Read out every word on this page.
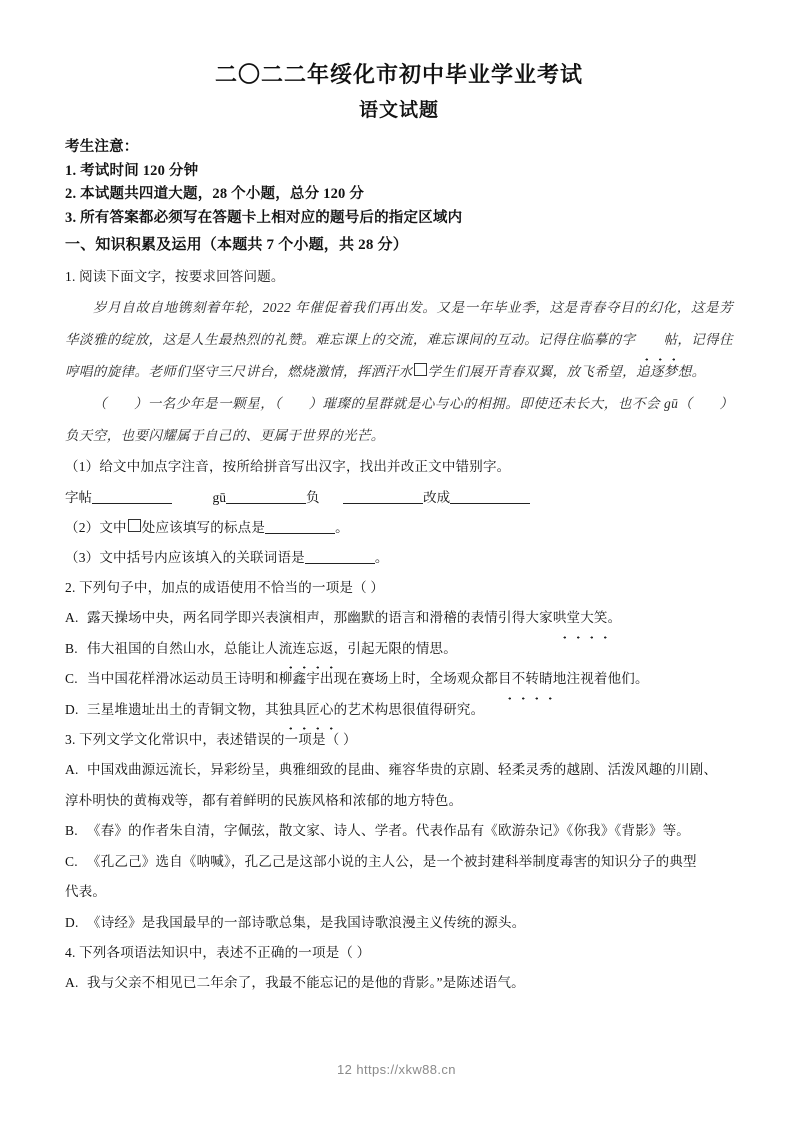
二〇二二年绥化市初中毕业学业考试
语文试题
考生注意：
1. 考试时间 120 分钟
2. 本试题共四道大题，28 个小题，总分 120 分
3. 所有答案都必须写在答题卡上相对应的题号后的指定区域内
一、知识积累及运用（本题共 7 个小题，共 28 分）
1. 阅读下面文字，按要求回答问题。
岁月自故自地镌刻着年轮，2022 年催促着我们再出发。又是一年毕业季，这是青春夺目的幻化，这是芳华淡雅的绽放，这是人生最热烈的礼赞。难忘课上的交流，难忘课间的互动。记得住临摹的字 帖，记得住哼唱的旋律。老师们坚守三尺讲台，燃烧激情，挥洒汗水 学生们展开青春双翼，放飞希望，追逐梦想。
（　　）一名少年是一颗星，（　　）璀璨的星群就是心与心的相拥。即使还未长大，也不会 gū（　　）负天空，也要闪耀属于自己的、更属于世界的光芒。
（1）给文中加点字注音，按所给拼音写出汉字，找出并改正文中错别字。
字帖	gū	负	改成
（2）文中 处应该填写的标点是	。
（3）文中括号内应该填入的关联词语是	。
2. 下列句子中，加点的成语使用不恰当的一项是（ ）
A. 露天操场中央，两名同学即兴表演相声，那幽默的语言和滑稽的表情引得大家哄堂大笑。
B. 伟大祖国的自然山水，总能让人流连忘返，引起无限的情思。
C. 当中国花样滑冰运动员王诗明和柳鑫宇出现在赛场上时，全场观众都目不转睛地注视着他们。
D. 三星堆遗址出土的青铜文物，其独具匠心的艺术构思很值得研究。
3. 下列文学文化常识中，表述错误的一项是（ ）
A. 中国戏曲源远流长，异彩纷呈，典雅细致的昆曲、雍容华贵的京剧、轻柔灵秀的越剧、活泼风趣的川剧、
淳朴明快的黄梅戏等，都有着鲜明的民族风格和浓郁的地方特色。
B. 《春》的作者朱自清，字佩弦，散文家、诗人、学者。代表作品有《欧游杂记》《你我》《背影》等。
C. 《孔乙己》选自《呐喊》，孔乙己是这部小说的主人公，是一个被封建科举制度毒害的知识分子的典型
代表。
D. 《诗经》是我国最早的一部诗歌总集，是我国诗歌浪漫主义传统的源头。
4. 下列各项语法知识中，表述不正确的一项是（ ）
A. 我与父亲不相见已二年余了，我最不能忘记的是他的背影。”是陈述语气。
12 https://xkw88.cn
